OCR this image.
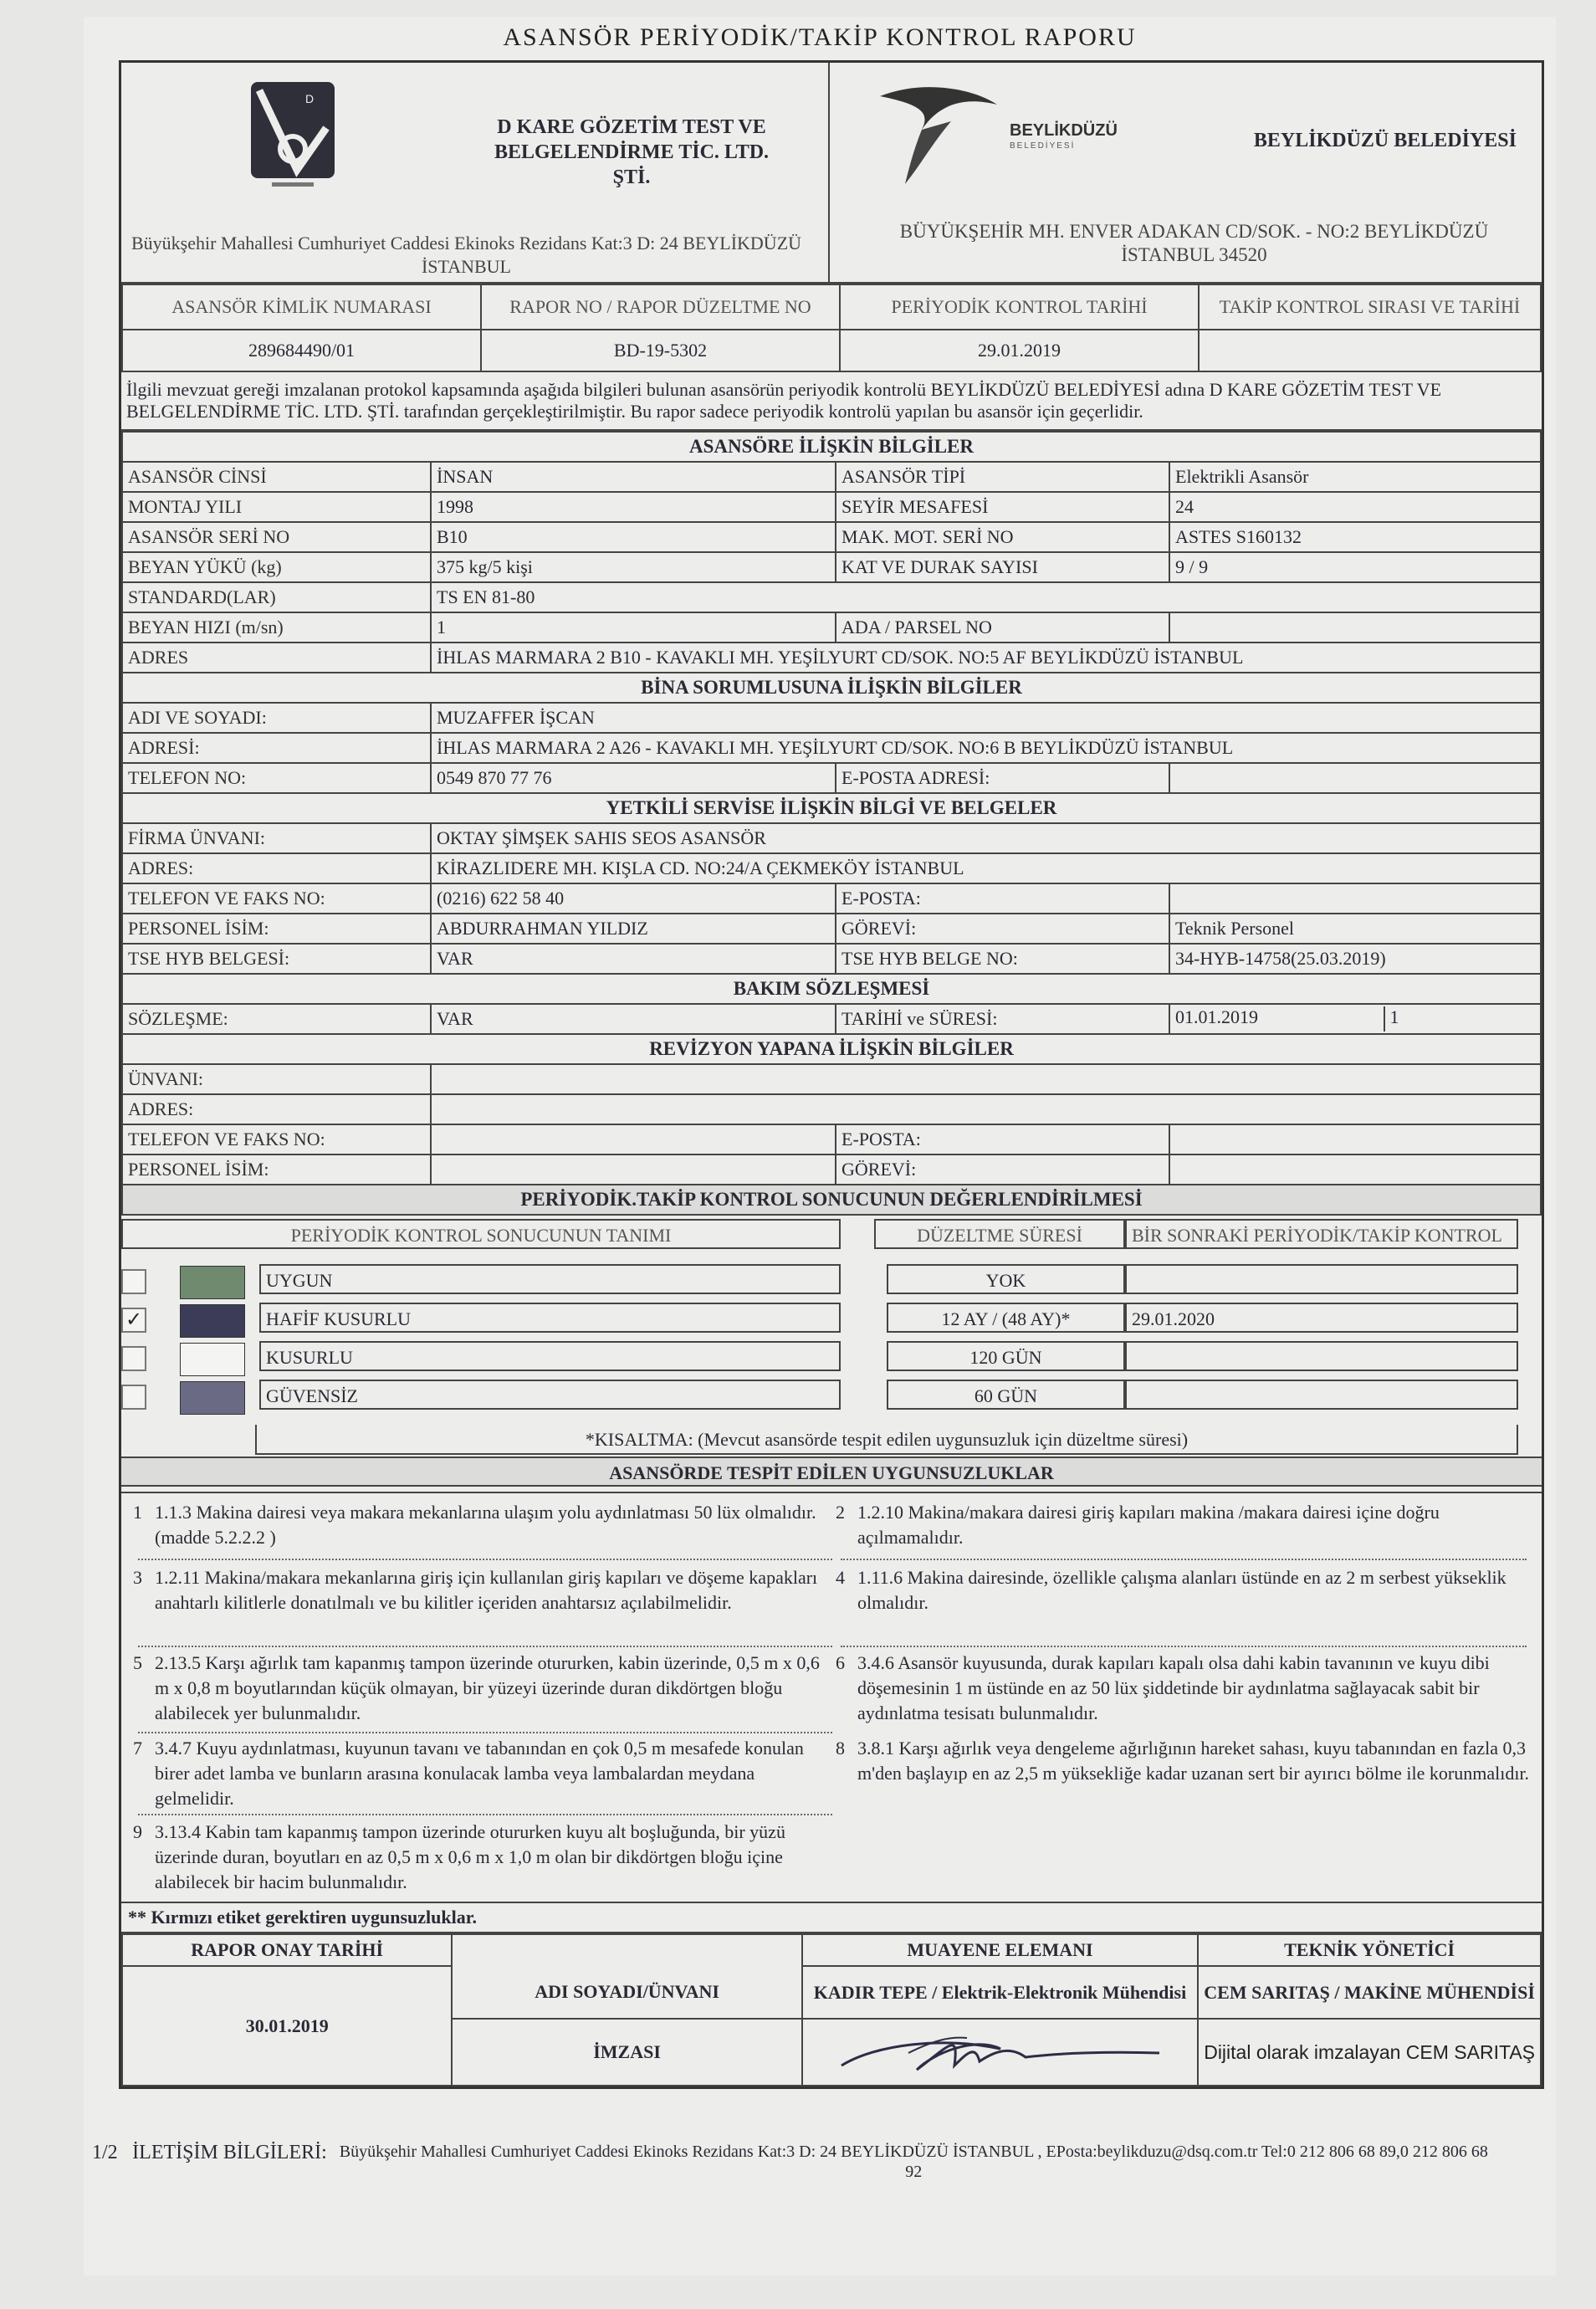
ASANSÖR PERİYODİK/TAKİP KONTROL RAPORU
D
D KARE GÖZETİM TEST VE BELGELENDİRME TİC. LTD. ŞTİ.
Büyükşehir Mahallesi Cumhuriyet Caddesi Ekinoks Rezidans Kat:3 D: 24 BEYLİKDÜZÜ İSTANBUL
BEYLİKDÜZÜ
BELEDİYESİ	BEYLİKDÜZÜ BELEDİYESİ
BÜYÜKŞEHİR MH. ENVER ADAKAN CD/SOK. - NO:2 BEYLİKDÜZÜ İSTANBUL 34520
ASANSÖR KİMLİK NUMARASI	RAPOR NO / RAPOR DÜZELTME NO	PERİYODİK KONTROL TARİHİ	TAKİP KONTROL SIRASI VE TARİHİ
289684490/01	BD-19-5302	29.01.2019	
İlgili mevzuat gereği imzalanan protokol kapsamında aşağıda bilgileri bulunan asansörün periyodik kontrolü BEYLİKDÜZÜ BELEDİYESİ adına D KARE GÖZETİM TEST VE BELGELENDİRME TİC. LTD. ŞTİ. tarafından gerçekleştirilmiştir. Bu rapor sadece periyodik kontrolü yapılan bu asansör için geçerlidir.
ASANSÖRE İLİŞKİN BİLGİLER			
ASANSÖR CİNSİ	İNSAN	ASANSÖR TİPİ	Elektrikli Asansör
MONTAJ YILI	1998	SEYİR MESAFESİ	24
ASANSÖR SERİ NO	B10	MAK. MOT. SERİ NO	ASTES S160132
BEYAN YÜKÜ (kg)	375 kg/5 kişi	KAT VE DURAK SAYISI	9 / 9
STANDARD(LAR)	TS EN 81-80		
BEYAN HIZI (m/sn)	1	ADA / PARSEL NO	
ADRES	İHLAS MARMARA 2 B10 - KAVAKLI MH. YEŞİLYURT CD/SOK. NO:5 AF BEYLİKDÜZÜ İSTANBUL		
BİNA SORUMLUSUNA İLİŞKİN BİLGİLER			
ADI VE SOYADI:	MUZAFFER İŞCAN		
ADRESİ:	İHLAS MARMARA 2 A26 - KAVAKLI MH. YEŞİLYURT CD/SOK. NO:6 B BEYLİKDÜZÜ İSTANBUL		
TELEFON NO:	0549 870 77 76	E-POSTA ADRESİ:	
YETKİLİ SERVİSE İLİŞKİN BİLGİ VE BELGELER			
FİRMA ÜNVANI:	OKTAY ŞİMŞEK SAHIS SEOS ASANSÖR		
ADRES:	KİRAZLIDERE MH. KIŞLA CD. NO:24/A ÇEKMEKÖY İSTANBUL		
TELEFON VE FAKS NO:	(0216) 622 58 40	E-POSTA:	
PERSONEL İSİM:	ABDURRAHMAN YILDIZ	GÖREVİ:	Teknik Personel
TSE HYB BELGESİ:	VAR	TSE HYB BELGE NO:	34-HYB-14758(25.03.2019)
BAKIM SÖZLEŞMESİ			
SÖZLEŞME:	VAR	TARİHİ ve SÜRESİ:	01.01.2019 1
REVİZYON YAPANA İLİŞKİN BİLGİLER			
ÜNVANI:			
ADRES:			
TELEFON VE FAKS NO:		E-POSTA:	
PERSONEL İSİM:		GÖREVİ:	
PERİYODİK.TAKİP KONTROL SONUCUNUN DEĞERLENDİRİLMESİ			
PERİYODİK KONTROL SONUCUNUN TANIMI	DÜZELTME SÜRESİ	BİR SONRAKİ PERİYODİK/TAKİP KONTROL
UYGUN	YOK
✓	HAFİF KUSURLU	12 AY / (48 AY)*	29.01.2020
KUSURLU	120 GÜN
GÜVENSİZ	60 GÜN
*KISALTMA: (Mevcut asansörde tespit edilen uygunsuzluk için düzeltme süresi)
ASANSÖRDE TESPİT EDİLEN UYGUNSUZLUKLAR
1 1.1.3 Makina dairesi veya makara mekanlarına ulaşım yolu aydınlatması 50 lüx olmalıdır. (madde 5.2.2.2 )
2 1.2.10 Makina/makara dairesi giriş kapıları makina /makara dairesi içine doğru açılmamalıdır.
3 1.2.11 Makina/makara mekanlarına giriş için kullanılan giriş kapıları ve döşeme kapakları anahtarlı kilitlerle donatılmalı ve bu kilitler içeriden anahtarsız açılabilmelidir.
4 1.11.6 Makina dairesinde, özellikle çalışma alanları üstünde en az 2 m serbest yükseklik olmalıdır.
5 2.13.5 Karşı ağırlık tam kapanmış tampon üzerinde otururken, kabin üzerinde, 0,5 m x 0,6 m x 0,8 m boyutlarından küçük olmayan, bir yüzeyi üzerinde duran dikdörtgen bloğu alabilecek yer bulunmalıdır.
6 3.4.6 Asansör kuyusunda, durak kapıları kapalı olsa dahi kabin tavanının ve kuyu dibi döşemesinin 1 m üstünde en az 50 lüx şiddetinde bir aydınlatma sağlayacak sabit bir aydınlatma tesisatı bulunmalıdır.
7 3.4.7 Kuyu aydınlatması, kuyunun tavanı ve tabanından en çok 0,5 m mesafede konulan birer adet lamba ve bunların arasına konulacak lamba veya lambalardan meydana gelmelidir.
8 3.8.1 Karşı ağırlık veya dengeleme ağırlığının hareket sahası, kuyu tabanından en fazla 0,3 m'den başlayıp en az 2,5 m yüksekliğe kadar uzanan sert bir ayırıcı bölme ile korunmalıdır.
9 3.13.4 Kabin tam kapanmış tampon üzerinde otururken kuyu alt boşluğunda, bir yüzü üzerinde duran, boyutları en az 0,5 m x 0,6 m x 1,0 m olan bir dikdörtgen bloğu içine alabilecek bir hacim bulunmalıdır.
** Kırmızı etiket gerektiren uygunsuzluklar.
RAPOR ONAY TARİHİ		MUAYENE ELEMANI	TEKNİK YÖNETİCİ
30.01.2019	ADI SOYADI/ÜNVANI	KADIR TEPE / Elektrik-Elektronik Mühendisi	CEM SARITAŞ / MAKİNE MÜHENDİSİ
	İMZASI		Dijital olarak imzalayan CEM SARITAŞ
1/2 İLETİŞİM BİLGİLERİ: Büyükşehir Mahallesi Cumhuriyet Caddesi Ekinoks Rezidans Kat:3 D: 24 BEYLİKDÜZÜ İSTANBUL , EPosta:beylikduzu@dsq.com.tr Tel:0 212 806 68 89,0 212 806 68 92
